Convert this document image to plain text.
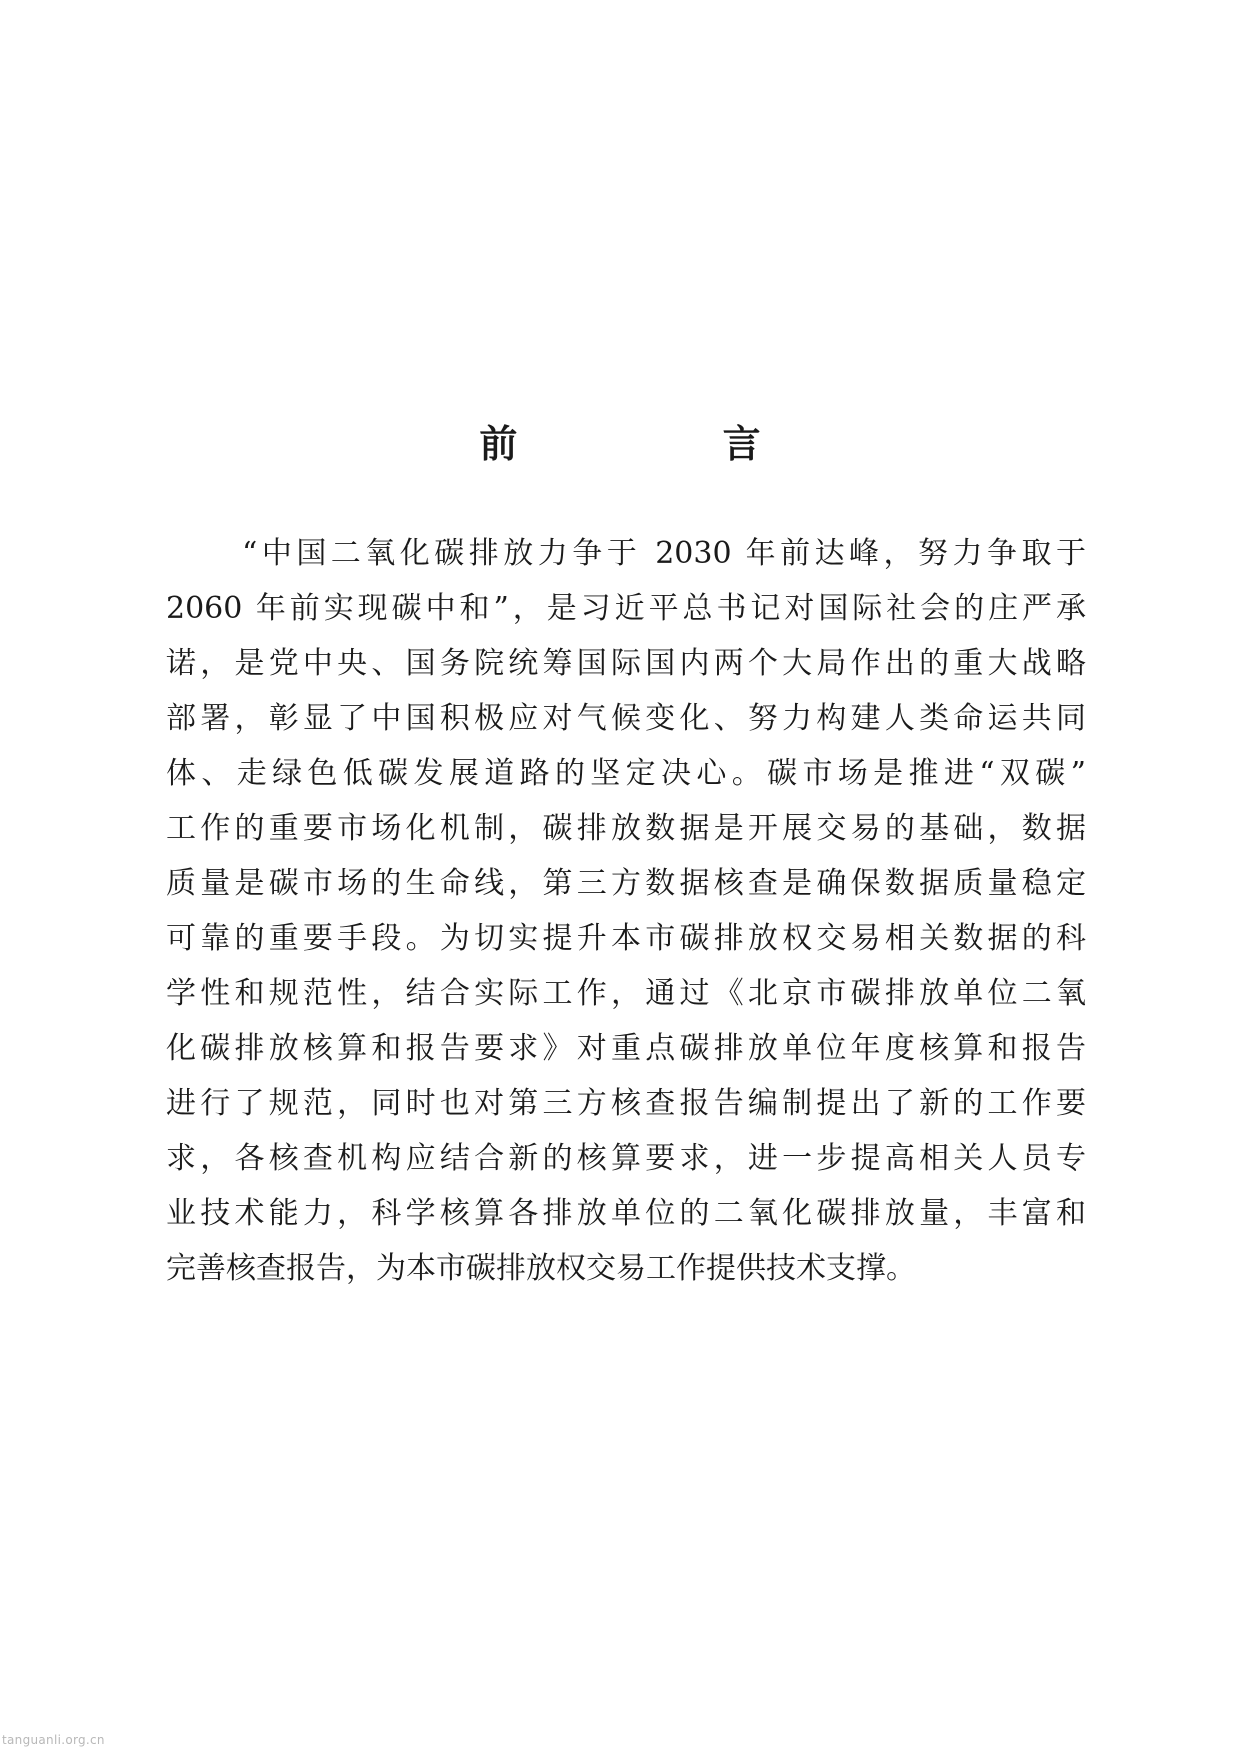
前 言
“中国二氧化碳排放力争于 2030 年前达峰，努力争取于
2060 年前实现碳中和”，是习近平总书记对国际社会的庄严承
诺，是党中央、国务院统筹国际国内两个大局作出的重大战略
部署，彰显了中国积极应对气候变化、努力构建人类命运共同
体、走绿色低碳发展道路的坚定决心。碳市场是推进“双碳”
工作的重要市场化机制，碳排放数据是开展交易的基础，数据
质量是碳市场的生命线，第三方数据核查是确保数据质量稳定
可靠的重要手段。为切实提升本市碳排放权交易相关数据的科
学性和规范性，结合实际工作，通过《北京市碳排放单位二氧
化碳排放核算和报告要求》对重点碳排放单位年度核算和报告
进行了规范，同时也对第三方核查报告编制提出了新的工作要
求，各核查机构应结合新的核算要求，进一步提高相关人员专
业技术能力，科学核算各排放单位的二氧化碳排放量，丰富和
完善核查报告，为本市碳排放权交易工作提供技术支撑。
tanguanli.org.cn
